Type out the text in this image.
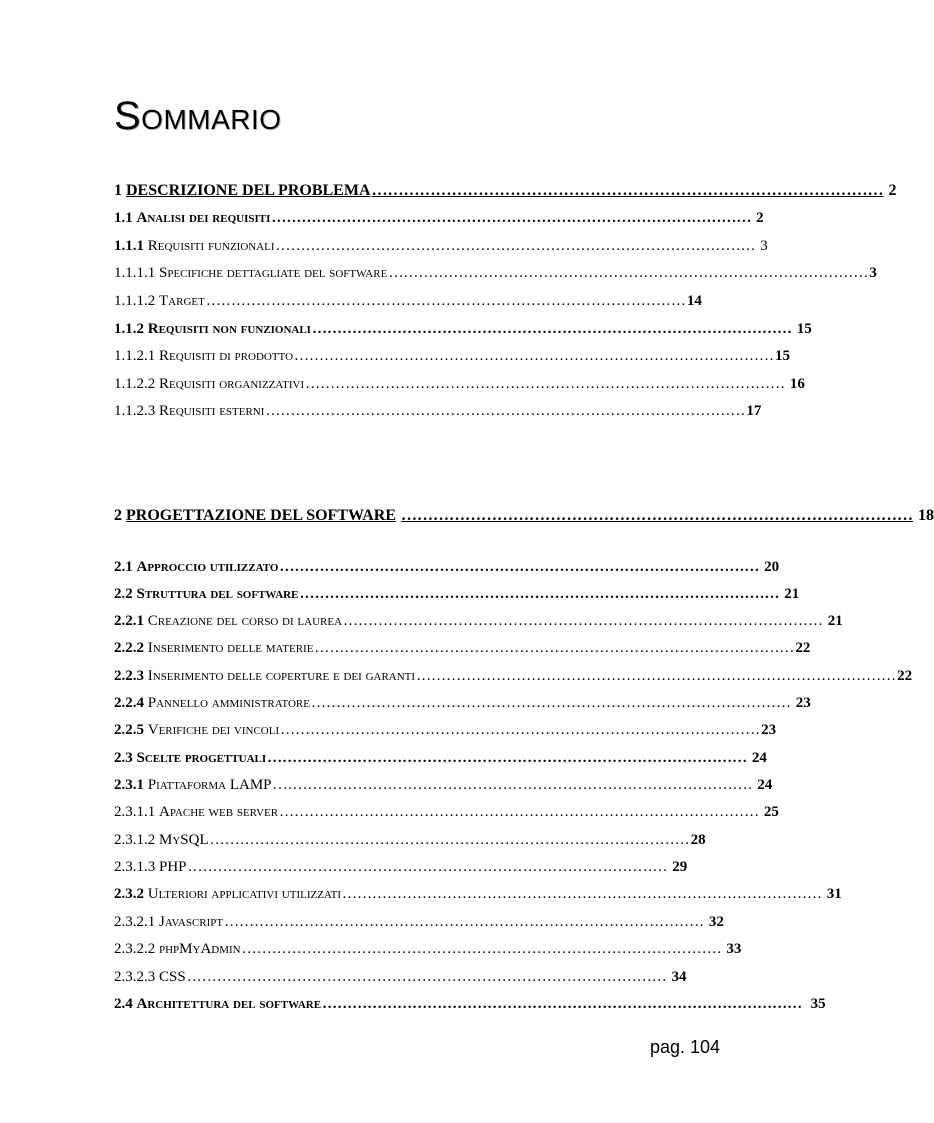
Sommario
1
DESCRIZIONE DEL PROBLEMA ……………………………………………………………………………………
2
1.1
Analisi dei requisiti ……………………………………………………………………………………
2
1.1.1
Requisiti funzionali ……………………………………………………………………………………
3
1.1.1.1
Specifiche dettagliate del software …………………………………………………………………………………… 3
1.1.1.2
Target …………………………………………………………………………………… 14
1.1.2
Requisiti non funzionali ……………………………………………………………………………………
15
1.1.2.1
Requisiti di prodotto …………………………………………………………………………………… 15
1.1.2.2
Requisiti organizzativi ……………………………………………………………………………………
16
1.1.2.3
Requisiti esterni …………………………………………………………………………………… 17
2
PROGETTAZIONE DEL SOFTWARE
……………………………………………………………………………………
18
2.1
Approccio utilizzato ……………………………………………………………………………………
20
2.2
Struttura del software ……………………………………………………………………………………
21
2.2.1
Creazione del corso di laurea ……………………………………………………………………………………
21
2.2.2
Inserimento delle materie …………………………………………………………………………………… 22
2.2.3
Inserimento delle coperture e dei garanti …………………………………………………………………………………… 22
2.2.4
Pannello amministratore ……………………………………………………………………………………
23
2.2.5
Verifiche dei vincoli …………………………………………………………………………………… 23
2.3
Scelte progettuali ……………………………………………………………………………………
24
2.3.1
Piattaforma LAMP ……………………………………………………………………………………
24
2.3.1.1
Apache web server ……………………………………………………………………………………
25
2.3.1.2
MySQL …………………………………………………………………………………… 28
2.3.1.3
PHP ……………………………………………………………………………………
29
2.3.2
Ulteriori applicativi utilizzati ……………………………………………………………………………………
31
2.3.2.1
Javascript ……………………………………………………………………………………
32
2.3.2.2
phpMyAdmin ……………………………………………………………………………………
33
2.3.2.3
CSS ……………………………………………………………………………………
34
2.4
Architettura del software ……………………………………………………………………………………
35
pag. 104
